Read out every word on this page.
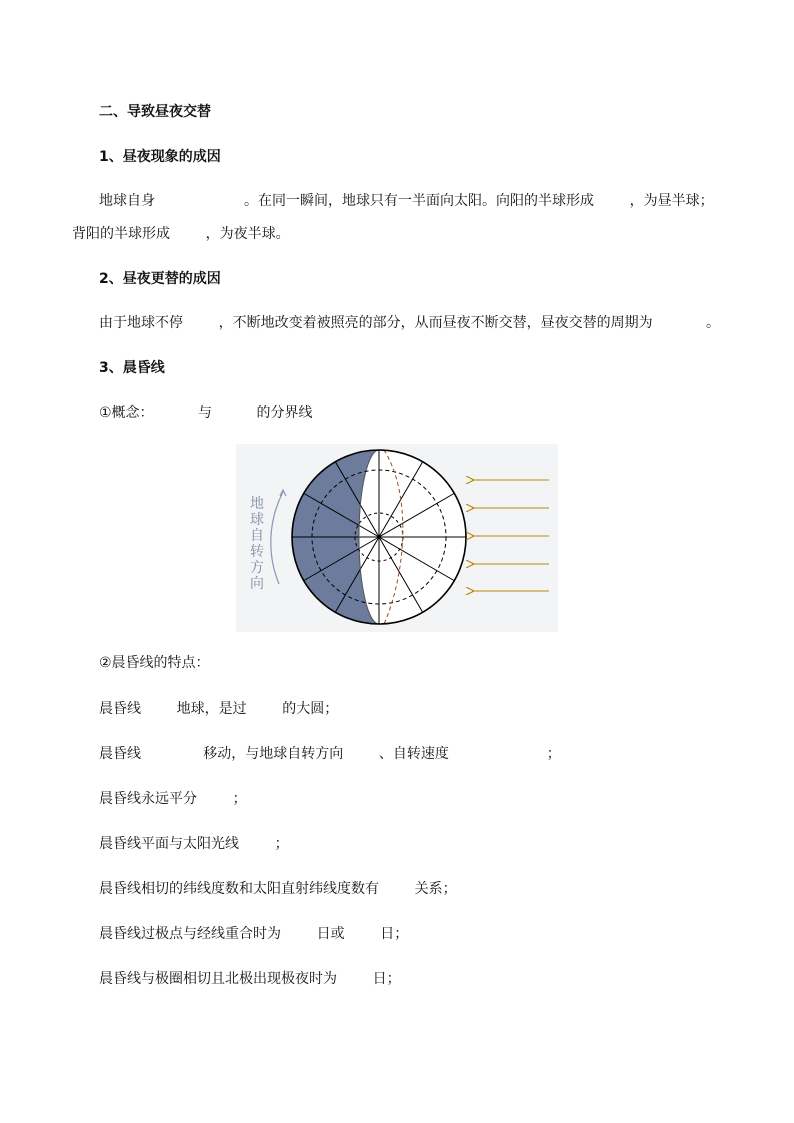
二、导致昼夜交替
1、昼夜现象的成因
地球自身                    。在同一瞬间，地球只有一半面向太阳。向阳的半球形成        ，为昼半球；
背阳的半球形成        ，为夜半球。
2、昼夜更替的成因
由于地球不停        ，不断地改变着被照亮的部分，从而昼夜不断交替，昼夜交替的周期为            。
3、晨昏线
①概念：          与          的分界线
地球自转方向
②晨昏线的特点：
晨昏线        地球，是过        的大圆；
晨昏线              移动，与地球自转方向        、自转速度                      ；
晨昏线永远平分        ；
晨昏线平面与太阳光线        ；
晨昏线相切的纬线度数和太阳直射纬线度数有        关系；
晨昏线过极点与经线重合时为        日或        日；
晨昏线与极圈相切且北极出现极夜时为        日；
